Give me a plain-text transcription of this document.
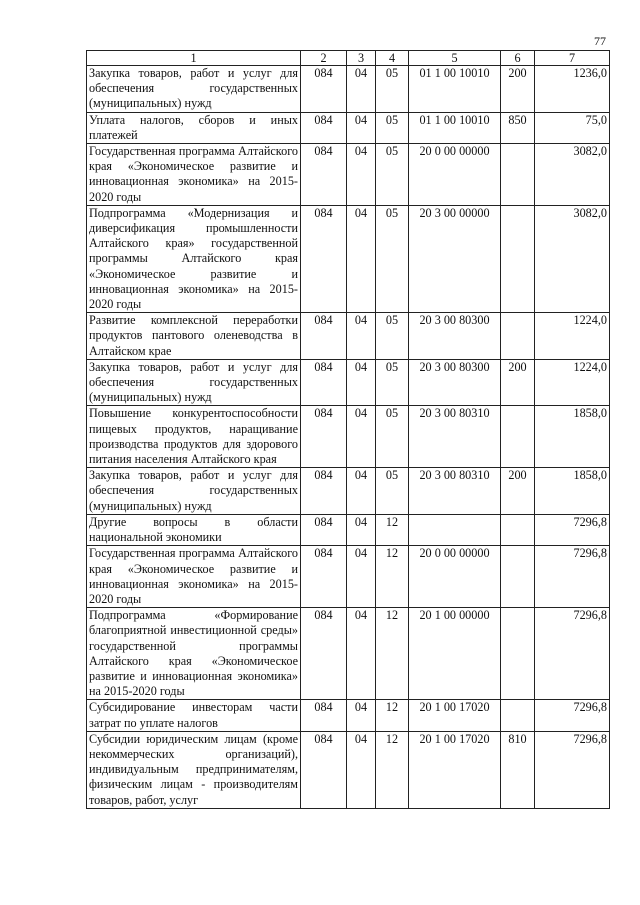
77
1	2	3	4	5	6	7
Закупка товаров, работ и услуг для обеспечения государственных (муниципальных) нужд	084	04	05	01 1 00 10010	200	1236,0
Уплата налогов, сборов и иных платежей	084	04	05	01 1 00 10010	850	75,0
Государственная программа Алтайского края «Экономическое развитие и инновационная экономика» на 2015-2020 годы	084	04	05	20 0 00 00000		3082,0
Подпрограмма «Модернизация и диверсификация промышленности Алтайского края» государственной программы Алтайского края «Экономическое развитие и инновационная экономика» на 2015-2020 годы	084	04	05	20 3 00 00000		3082,0
Развитие комплексной переработки продуктов пантового оленеводства в Алтайском крае	084	04	05	20 3 00 80300		1224,0
Закупка товаров, работ и услуг для обеспечения государственных (муниципальных) нужд	084	04	05	20 3 00 80300	200	1224,0
Повышение конкурентоспособности пищевых продуктов, наращивание производства продуктов для здорового питания населения Алтайского края	084	04	05	20 3 00 80310		1858,0
Закупка товаров, работ и услуг для обеспечения государственных (муниципальных) нужд	084	04	05	20 3 00 80310	200	1858,0
Другие вопросы в области национальной экономики	084	04	12			7296,8
Государственная программа Алтайского края «Экономическое развитие и инновационная экономика» на 2015-2020 годы	084	04	12	20 0 00 00000		7296,8
Подпрограмма «Формирование благоприятной инвестиционной среды» государственной программы Алтайского края «Экономическое развитие и инновационная экономика» на 2015-2020 годы	084	04	12	20 1 00 00000		7296,8
Субсидирование инвесторам части затрат по уплате налогов	084	04	12	20 1 00 17020		7296,8
Субсидии юридическим лицам (кроме некоммерческих организаций), индивидуальным предпринимателям, физическим лицам - производителям товаров, работ, услуг	084	04	12	20 1 00 17020	810	7296,8
